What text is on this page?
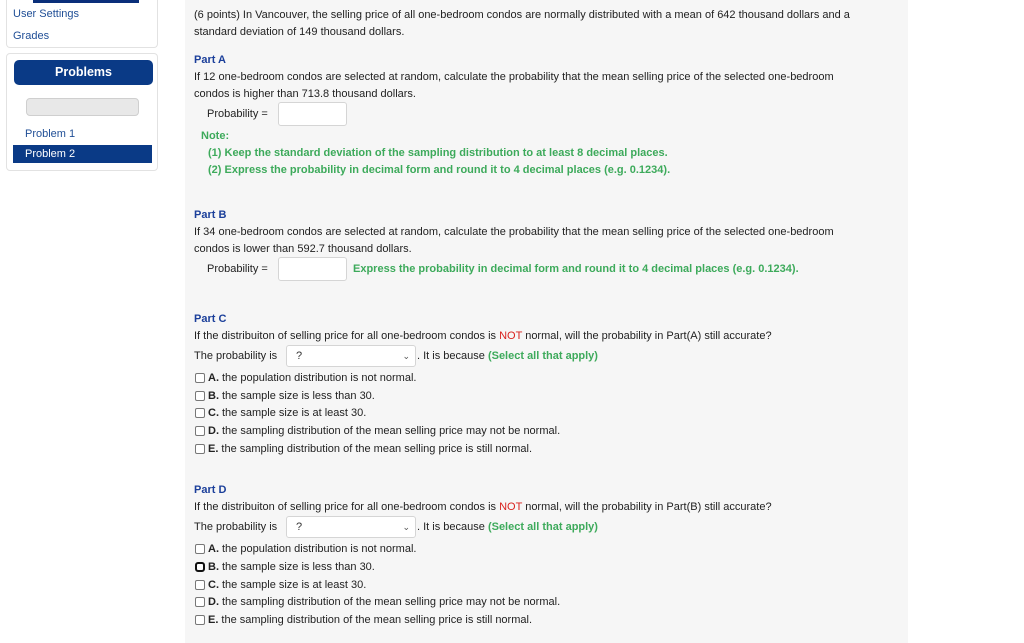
User Settings
Grades
Problems
Problem 1
Problem 2
(6 points) In Vancouver, the selling price of all one-bedroom condos are normally distributed with a mean of 642 thousand dollars and a
standard deviation of 149 thousand dollars.
Part A
If 12 one-bedroom condos are selected at random, calculate the probability that the mean selling price of the selected one-bedroom
condos is higher than 713.8 thousand dollars.
Probability =
Note:
(1) Keep the standard deviation of the sampling distribution to at least 8 decimal places.
(2) Express the probability in decimal form and round it to 4 decimal places (e.g. 0.1234).
Part B
If 34 one-bedroom condos are selected at random, calculate the probability that the mean selling price of the selected one-bedroom
condos is lower than 592.7 thousand dollars.
Probability =	Express the probability in decimal form and round it to 4 decimal places (e.g. 0.1234).
Part C
If the distribuiton of selling price for all one-bedroom condos is NOT normal, will the probability in Part(A) still accurate?
The probability is	?	⌄ . It is because (Select all that apply)
A. the population distribution is not normal.
B. the sample size is less than 30.
C. the sample size is at least 30.
D. the sampling distribution of the mean selling price may not be normal.
E. the sampling distribution of the mean selling price is still normal.
Part D
If the distribuiton of selling price for all one-bedroom condos is NOT normal, will the probability in Part(B) still accurate?
The probability is	?	⌄ . It is because (Select all that apply)
A. the population distribution is not normal.
B. the sample size is less than 30.
C. the sample size is at least 30.
D. the sampling distribution of the mean selling price may not be normal.
E. the sampling distribution of the mean selling price is still normal.
